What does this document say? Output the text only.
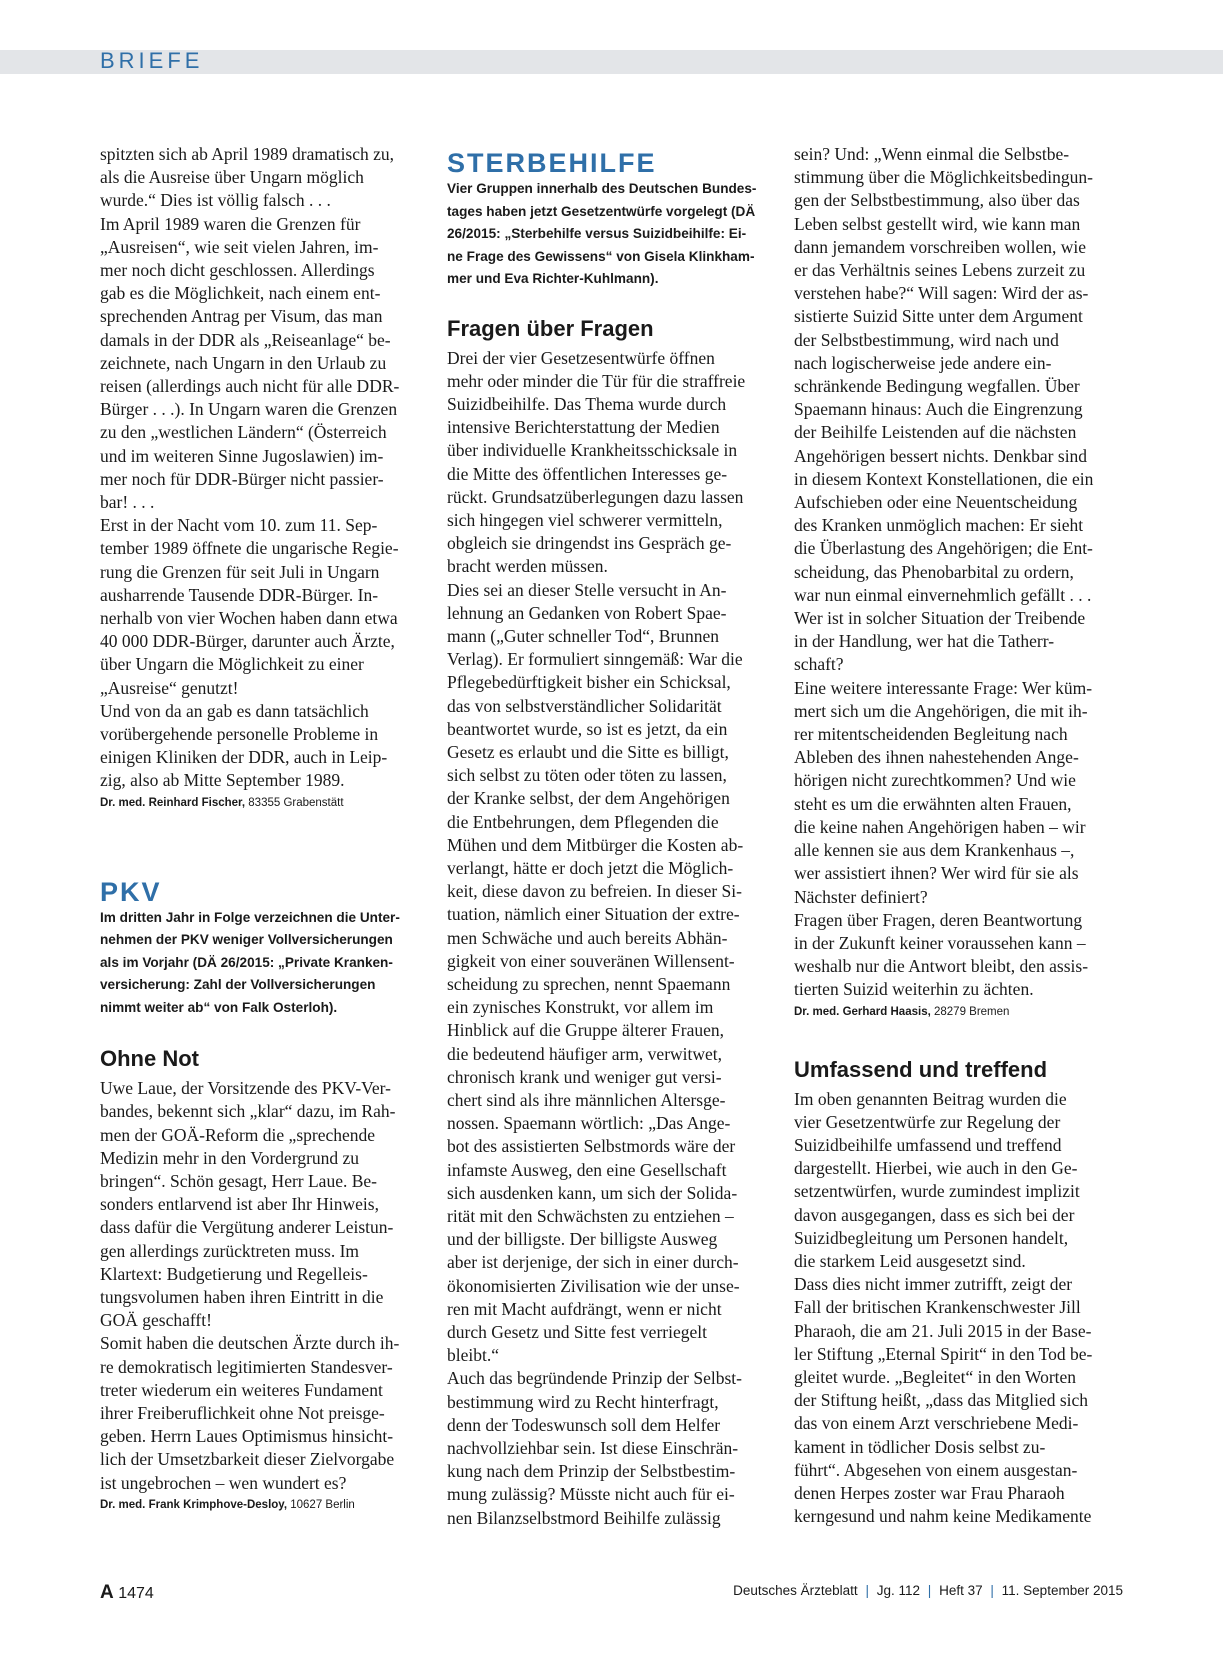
BRIEFE

spitzten sich ab April 1989 dramatisch zu,
als die Ausreise über Ungarn möglich
wurde.“ Dies ist völlig falsch . . .
Im April 1989 waren die Grenzen für
„Ausreisen“, wie seit vielen Jahren, im-
mer noch dicht geschlossen. Allerdings
gab es die Möglichkeit, nach einem ent-
sprechenden Antrag per Visum, das man
damals in der DDR als „Reiseanlage“ be-
zeichnete, nach Ungarn in den Urlaub zu
reisen (allerdings auch nicht für alle DDR-
Bürger . . .). In Ungarn waren die Grenzen
zu den „westlichen Ländern“ (Österreich
und im weiteren Sinne Jugoslawien) im-
mer noch für DDR-Bürger nicht passier-
bar! . . .
Erst in der Nacht vom 10. zum 11. Sep-
tember 1989 öffnete die ungarische Regie-
rung die Grenzen für seit Juli in Ungarn
ausharrende Tausende DDR-Bürger. In-
nerhalb von vier Wochen haben dann etwa
40 000 DDR-Bürger, darunter auch Ärzte,
über Ungarn die Möglichkeit zu einer
„Ausreise“ genutzt!
Und von da an gab es dann tatsächlich
vorübergehende personelle Probleme in
einigen Kliniken der DDR, auch in Leip-
zig, also ab Mitte September 1989.

Dr. med. Reinhard Fischer, 83355 Grabenstätt

PKV

Im dritten Jahr in Folge verzeichnen die Unter-
nehmen der PKV weniger Vollversicherungen
als im Vorjahr (DÄ 26/2015: „Private Kranken-
versicherung: Zahl der Vollversicherungen
nimmt weiter ab“ von Falk Osterloh).

Ohne Not

Uwe Laue, der Vorsitzende des PKV-Ver-
bandes, bekennt sich „klar“ dazu, im Rah-
men der GOÄ-Reform die „sprechende
Medizin mehr in den Vordergrund zu
bringen“. Schön gesagt, Herr Laue. Be-
sonders entlarvend ist aber Ihr Hinweis,
dass dafür die Vergütung anderer Leistun-
gen allerdings zurücktreten muss. Im
Klartext: Budgetierung und Regelleis-
tungsvolumen haben ihren Eintritt in die
GOÄ geschafft!
Somit haben die deutschen Ärzte durch ih-
re demokratisch legitimierten Standesver-
treter wiederum ein weiteres Fundament
ihrer Freiberuflichkeit ohne Not preisge-
geben. Herrn Laues Optimismus hinsicht-
lich der Umsetzbarkeit dieser Zielvorgabe
ist ungebrochen – wen wundert es?

Dr. med. Frank Krimphove-Desloy, 10627 Berlin

STERBEHILFE

Vier Gruppen innerhalb des Deutschen Bundes-
tages haben jetzt Gesetzentwürfe vorgelegt (DÄ
26/2015: „Sterbehilfe versus Suizidbeihilfe: Ei-
ne Frage des Gewissens“ von Gisela Klinkham-
mer und Eva Richter-Kuhlmann).

Fragen über Fragen

Drei der vier Gesetzesentwürfe öffnen
mehr oder minder die Tür für die straffreie
Suizidbeihilfe. Das Thema wurde durch
intensive Berichterstattung der Medien
über individuelle Krankheitsschicksale in
die Mitte des öffentlichen Interesses ge-
rückt. Grundsatzüberlegungen dazu lassen
sich hingegen viel schwerer vermitteln,
obgleich sie dringendst ins Gespräch ge-
bracht werden müssen.
Dies sei an dieser Stelle versucht in An-
lehnung an Gedanken von Robert Spae-
mann („Guter schneller Tod“, Brunnen
Verlag). Er formuliert sinngemäß: War die
Pflegebedürftigkeit bisher ein Schicksal,
das von selbstverständlicher Solidarität
beantwortet wurde, so ist es jetzt, da ein
Gesetz es erlaubt und die Sitte es billigt,
sich selbst zu töten oder töten zu lassen,
der Kranke selbst, der dem Angehörigen
die Entbehrungen, dem Pflegenden die
Mühen und dem Mitbürger die Kosten ab-
verlangt, hätte er doch jetzt die Möglich-
keit, diese davon zu befreien. In dieser Si-
tuation, nämlich einer Situation der extre-
men Schwäche und auch bereits Abhän-
gigkeit von einer souveränen Willensent-
scheidung zu sprechen, nennt Spaemann
ein zynisches Konstrukt, vor allem im
Hinblick auf die Gruppe älterer Frauen,
die bedeutend häufiger arm, verwitwet,
chronisch krank und weniger gut versi-
chert sind als ihre männlichen Altersge-
nossen. Spaemann wörtlich: „Das Ange-
bot des assistierten Selbstmords wäre der
infamste Ausweg, den eine Gesellschaft
sich ausdenken kann, um sich der Solida-
rität mit den Schwächsten zu entziehen –
und der billigste. Der billigste Ausweg
aber ist derjenige, der sich in einer durch-
ökonomisierten Zivilisation wie der unse-
ren mit Macht aufdrängt, wenn er nicht
durch Gesetz und Sitte fest verriegelt
bleibt.“
Auch das begründende Prinzip der Selbst-
bestimmung wird zu Recht hinterfragt,
denn der Todeswunsch soll dem Helfer
nachvollziehbar sein. Ist diese Einschrän-
kung nach dem Prinzip der Selbstbestim-
mung zulässig? Müsste nicht auch für ei-
nen Bilanzselbstmord Beihilfe zulässig

sein? Und: „Wenn einmal die Selbstbe-
stimmung über die Möglichkeitsbedingun-
gen der Selbstbestimmung, also über das
Leben selbst gestellt wird, wie kann man
dann jemandem vorschreiben wollen, wie
er das Verhältnis seines Lebens zurzeit zu
verstehen habe?“ Will sagen: Wird der as-
sistierte Suizid Sitte unter dem Argument
der Selbstbestimmung, wird nach und
nach logischerweise jede andere ein-
schränkende Bedingung wegfallen. Über
Spaemann hinaus: Auch die Eingrenzung
der Beihilfe Leistenden auf die nächsten
Angehörigen bessert nichts. Denkbar sind
in diesem Kontext Konstellationen, die ein
Aufschieben oder eine Neuentscheidung
des Kranken unmöglich machen: Er sieht
die Überlastung des Angehörigen; die Ent-
scheidung, das Phenobarbital zu ordern,
war nun einmal einvernehmlich gefällt . . .
Wer ist in solcher Situation der Treibende
in der Handlung, wer hat die Tatherr-
schaft?
Eine weitere interessante Frage: Wer küm-
mert sich um die Angehörigen, die mit ih-
rer mitentscheidenden Begleitung nach
Ableben des ihnen nahestehenden Ange-
hörigen nicht zurechtkommen? Und wie
steht es um die erwähnten alten Frauen,
die keine nahen Angehörigen haben – wir
alle kennen sie aus dem Krankenhaus –,
wer assistiert ihnen? Wer wird für sie als
Nächster definiert?
Fragen über Fragen, deren Beantwortung
in der Zukunft keiner voraussehen kann –
weshalb nur die Antwort bleibt, den assis-
tierten Suizid weiterhin zu ächten.

Dr. med. Gerhard Haasis, 28279 Bremen

Umfassend und treffend

Im oben genannten Beitrag wurden die
vier Gesetzentwürfe zur Regelung der
Suizidbeihilfe umfassend und treffend
dargestellt. Hierbei, wie auch in den Ge-
setzentwürfen, wurde zumindest implizit
davon ausgegangen, dass es sich bei der
Suizidbegleitung um Personen handelt,
die starkem Leid ausgesetzt sind.
Dass dies nicht immer zutrifft, zeigt der
Fall der britischen Krankenschwester Jill
Pharaoh, die am 21. Juli 2015 in der Base-
ler Stiftung „Eternal Spirit“ in den Tod be-
gleitet wurde. „Begleitet“ in den Worten
der Stiftung heißt, „dass das Mitglied sich
das von einem Arzt verschriebene Medi-
kament in tödlicher Dosis selbst zu-
führt“. Abgesehen von einem ausgestan-
denen Herpes zoster war Frau Pharaoh
kerngesund und nahm keine Medikamente

A 1474	Deutsches Ärzteblatt | Jg. 112 | Heft 37 | 11. September 2015
